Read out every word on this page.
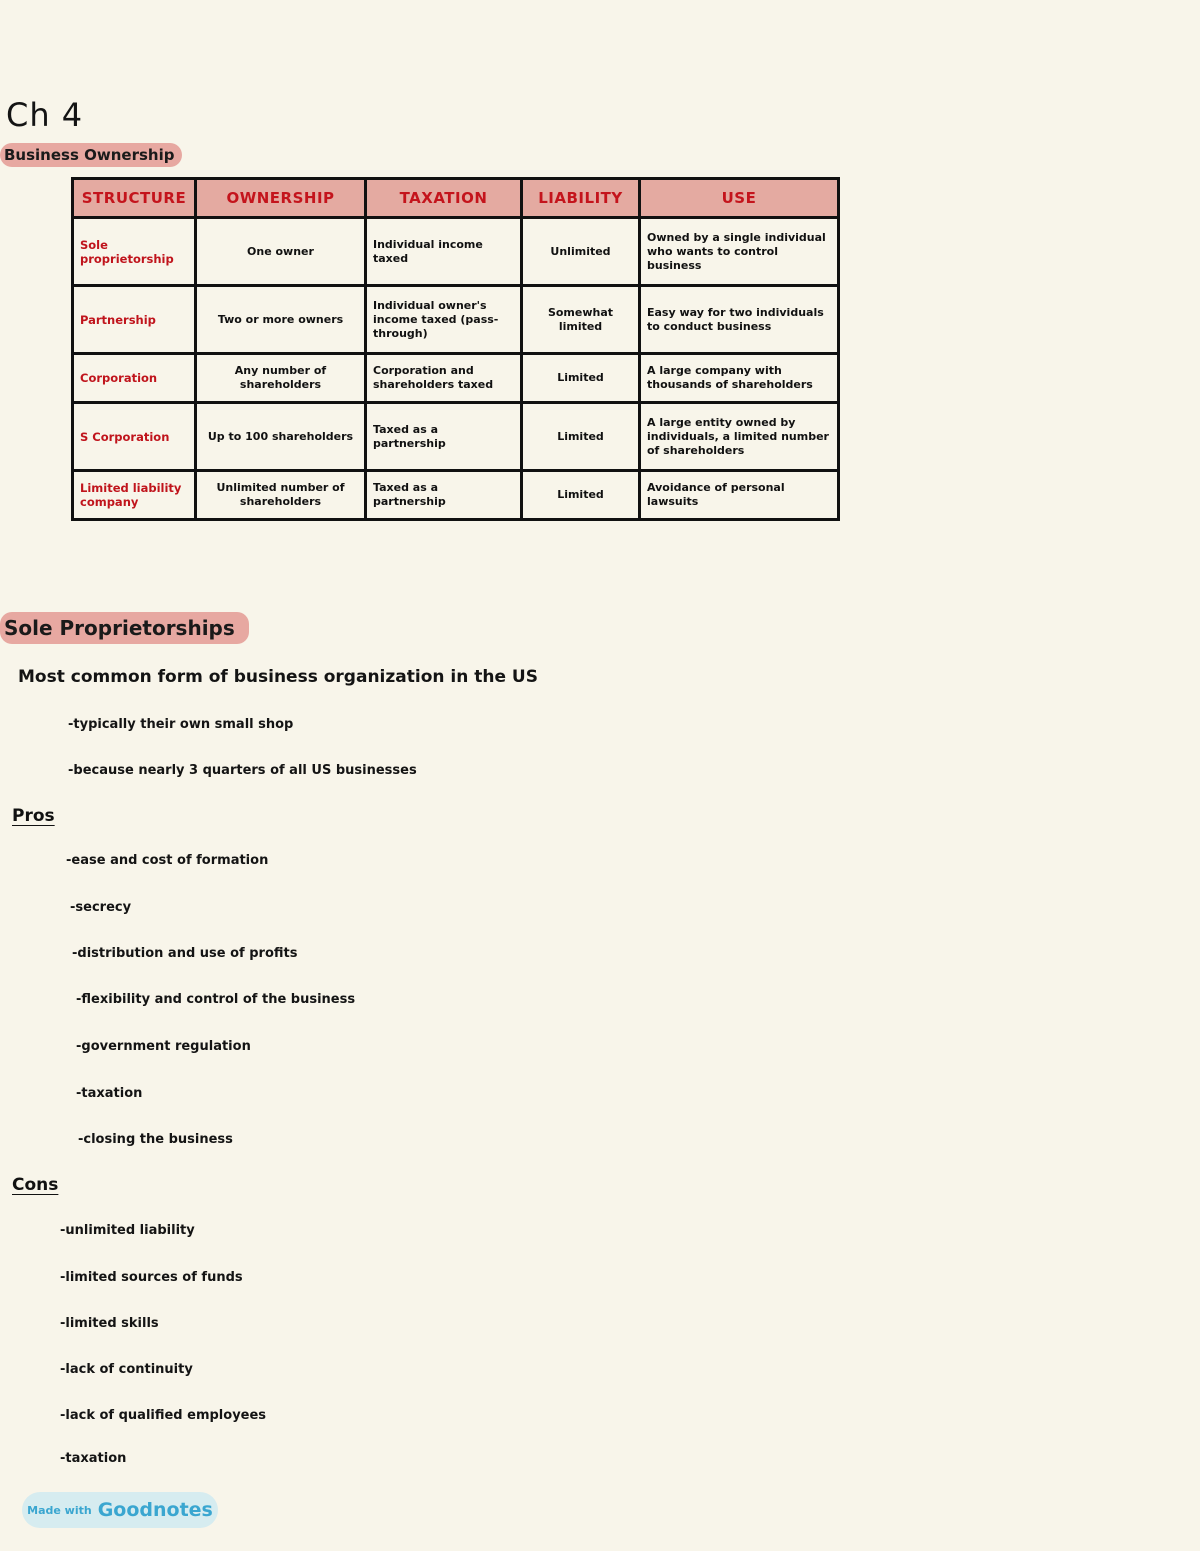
Ch 4
Business Ownership
STRUCTURE	OWNERSHIP	TAXATION	LIABILITY	USE
Sole proprietorship	One owner	Individual income taxed	Unlimited	Owned by a single individual who wants to control business
Partnership	Two or more owners	Individual owner's income taxed (pass-through)	Somewhat limited	Easy way for two individuals to conduct business
Corporation	Any number of shareholders	Corporation and shareholders taxed	Limited	A large company with thousands of shareholders
S Corporation	Up to 100 shareholders	Taxed as a partnership	Limited	A large entity owned by individuals, a limited number of shareholders
Limited liability company	Unlimited number of shareholders	Taxed as a partnership	Limited	Avoidance of personal lawsuits
Sole Proprietorships
Most common form of business organization in the US
-typically their own small shop
-because nearly 3 quarters of all US businesses
Pros
-ease and cost of formation
-secrecy
-distribution and use of profits
-flexibility and control of the business
-government regulation
-taxation
-closing the business
Cons
-unlimited liability
-limited sources of funds
-limited skills
-lack of continuity
-lack of qualified employees
-taxation
Made with Goodnotes
